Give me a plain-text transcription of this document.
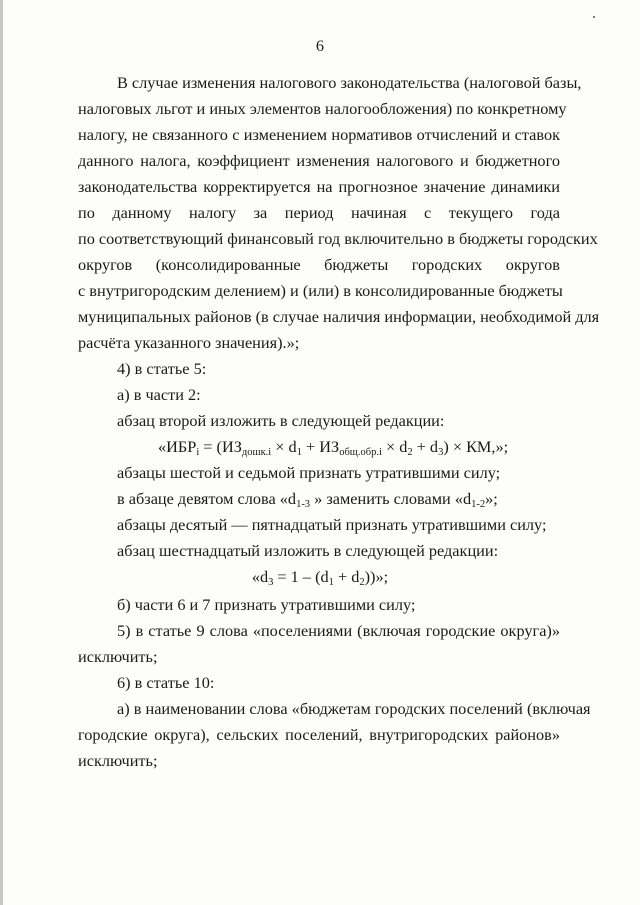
6
В случае изменения налогового законодательства (налоговой базы,
налоговых льгот и иных элементов налогообложения) по конкретному
налогу, не связанного с изменением нормативов отчислений и ставок
данного налога, коэффициент изменения налогового и бюджетного
законодательства корректируется на прогнозное значение динамики
по данному налогу за период начиная с текущего года
по соответствующий финансовый год включительно в бюджеты городских
округов (консолидированные бюджеты городских округов
с внутригородским делением) и (или) в консолидированные бюджеты
муниципальных районов (в случае наличия информации, необходимой для
расчёта указанного значения).»;
4) в статье 5:
а) в части 2:
абзац второй изложить в следующей редакции:
«$ИБР_i = (ИЗ_{дошк.i} \times d_1 + ИЗ_{общ.обр.i} \times d_2 + d_3)$ × КМ,»;
абзацы шестой и седьмой признать утратившими силу;
в абзаце девятом слова «$d_{1-3}$ » заменить словами «$d_{1-2}$»;
абзацы десятый — пятнадцатый признать утратившими силу;
абзац шестнадцатый изложить в следующей редакции:
«$d_3 = 1 - (d_1 + d_2)$)»;
б) части 6 и 7 признать утратившими силу;
5) в статье 9 слова «поселениями (включая городские округа)»
исключить;
6) в статье 10:
а) в наименовании слова «бюджетам городских поселений (включая
городские округа), сельских поселений, внутригородских районов»
исключить;
